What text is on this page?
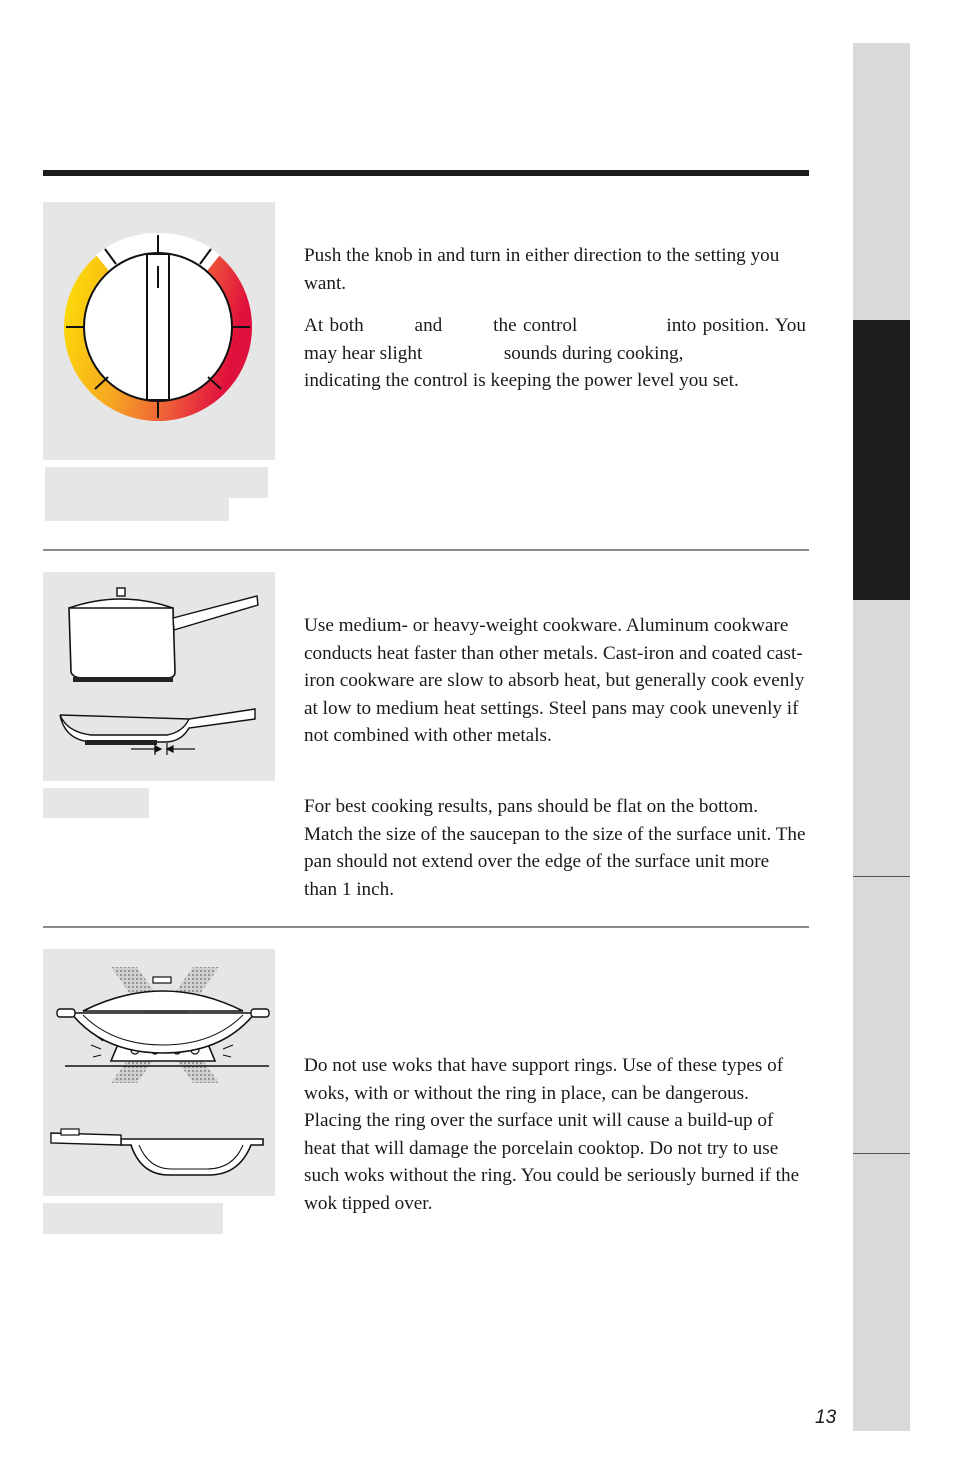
Push the knob in and turn in either direction to the setting you want.

At both        and        the control              into position. You
may hear slight                 sounds during cooking,
indicating the control is keeping the power level you set.

Use medium- or heavy-weight cookware. Aluminum cookware conducts heat faster than other metals. Cast-iron and coated cast-iron cookware are slow to absorb heat, but generally cook evenly at low to medium heat settings. Steel pans may cook unevenly if not combined with other metals.

For best cooking results, pans should be flat on the bottom. Match the size of the saucepan to the size of the surface unit. The pan should not extend over the edge of the surface unit more than 1 inch.

Do not use woks that have support rings. Use of these types of woks, with or without the ring in place, can be dangerous. Placing the ring over the surface unit will cause a build-up of heat that will damage the porcelain cooktop. Do not try to use such woks without the ring. You could be seriously burned if the wok tipped over.

13
